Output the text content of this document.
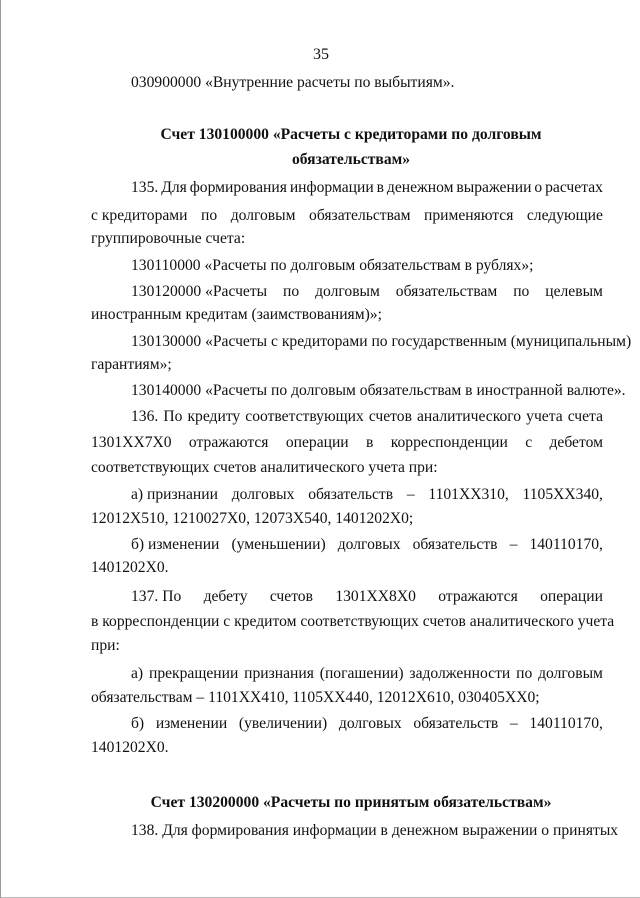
35
030900000 «Внутренние расчеты по выбытиям».
Счет 130100000 «Расчеты с кредиторами по долговым
обязательствам»
135. Для формирования информации в денежном выражении о расчетах
с кредиторами по долговым обязательствам применяются следующие
группировочные счета:
130110000 «Расчеты по долговым обязательствам в рублях»;
130120000 «Расчеты по долговым обязательствам по целевым
иностранным кредитам (заимствованиям)»;
130130000 «Расчеты с кредиторами по государственным (муниципальным)
гарантиям»;
130140000 «Расчеты по долговым обязательствам в иностранной валюте».
136. По кредиту соответствующих счетов аналитического учета счета
1301ХХ7Х0 отражаются операции в корреспонденции с дебетом
соответствующих счетов аналитического учета при:
а) признании долговых обязательств – 1101ХХ310, 1105ХХ340,
12012Х510, 1210027Х0, 12073Х540, 1401202Х0;
б) изменении (уменьшении) долговых обязательств – 140110170,
1401202Х0.
137. По дебету счетов 1301ХХ8Х0 отражаются операции
в корреспонденции с кредитом соответствующих счетов аналитического учета
при:
а) прекращении признания (погашении) задолженности по долговым
обязательствам – 1101ХХ410, 1105ХХ440, 12012Х610, 030405ХХ0;
б) изменении (увеличении) долговых обязательств – 140110170,
1401202Х0.
Счет 130200000 «Расчеты по принятым обязательствам»
138. Для формирования информации в денежном выражении о принятых
